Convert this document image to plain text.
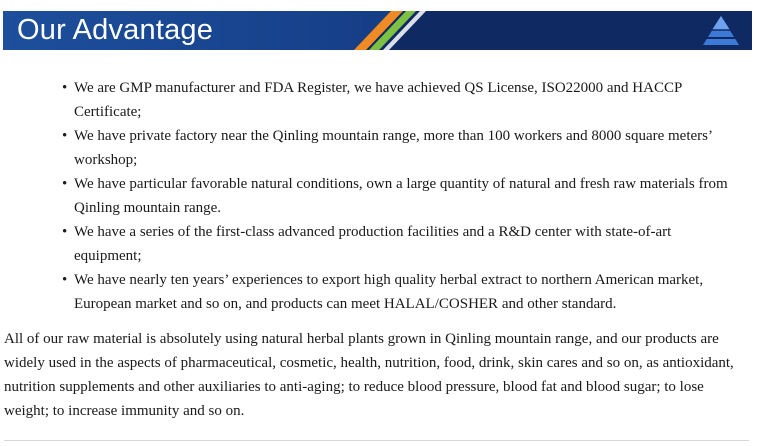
Our Advantage
• We are GMP manufacturer and FDA Register, we have achieved QS License, ISO22000 and HACCP Certificate;
• We have private factory near the Qinling mountain range, more than 100 workers and 8000 square meters’ workshop;
• We have particular favorable natural conditions, own a large quantity of natural and fresh raw materials from Qinling mountain range.
• We have a series of the first-class advanced production facilities and a R&D center with state-of-art equipment;
• We have nearly ten years’ experiences to export high quality herbal extract to northern American market, European market and so on, and products can meet HALAL/COSHER and other standard.

All of our raw material is absolutely using natural herbal plants grown in Qinling mountain range, and our products are widely used in the aspects of pharmaceutical, cosmetic, health, nutrition, food, drink, skin cares and so on, as antioxidant, nutrition supplements and other auxiliaries to anti-aging; to reduce blood pressure, blood fat and blood sugar; to lose weight; to increase immunity and so on.
